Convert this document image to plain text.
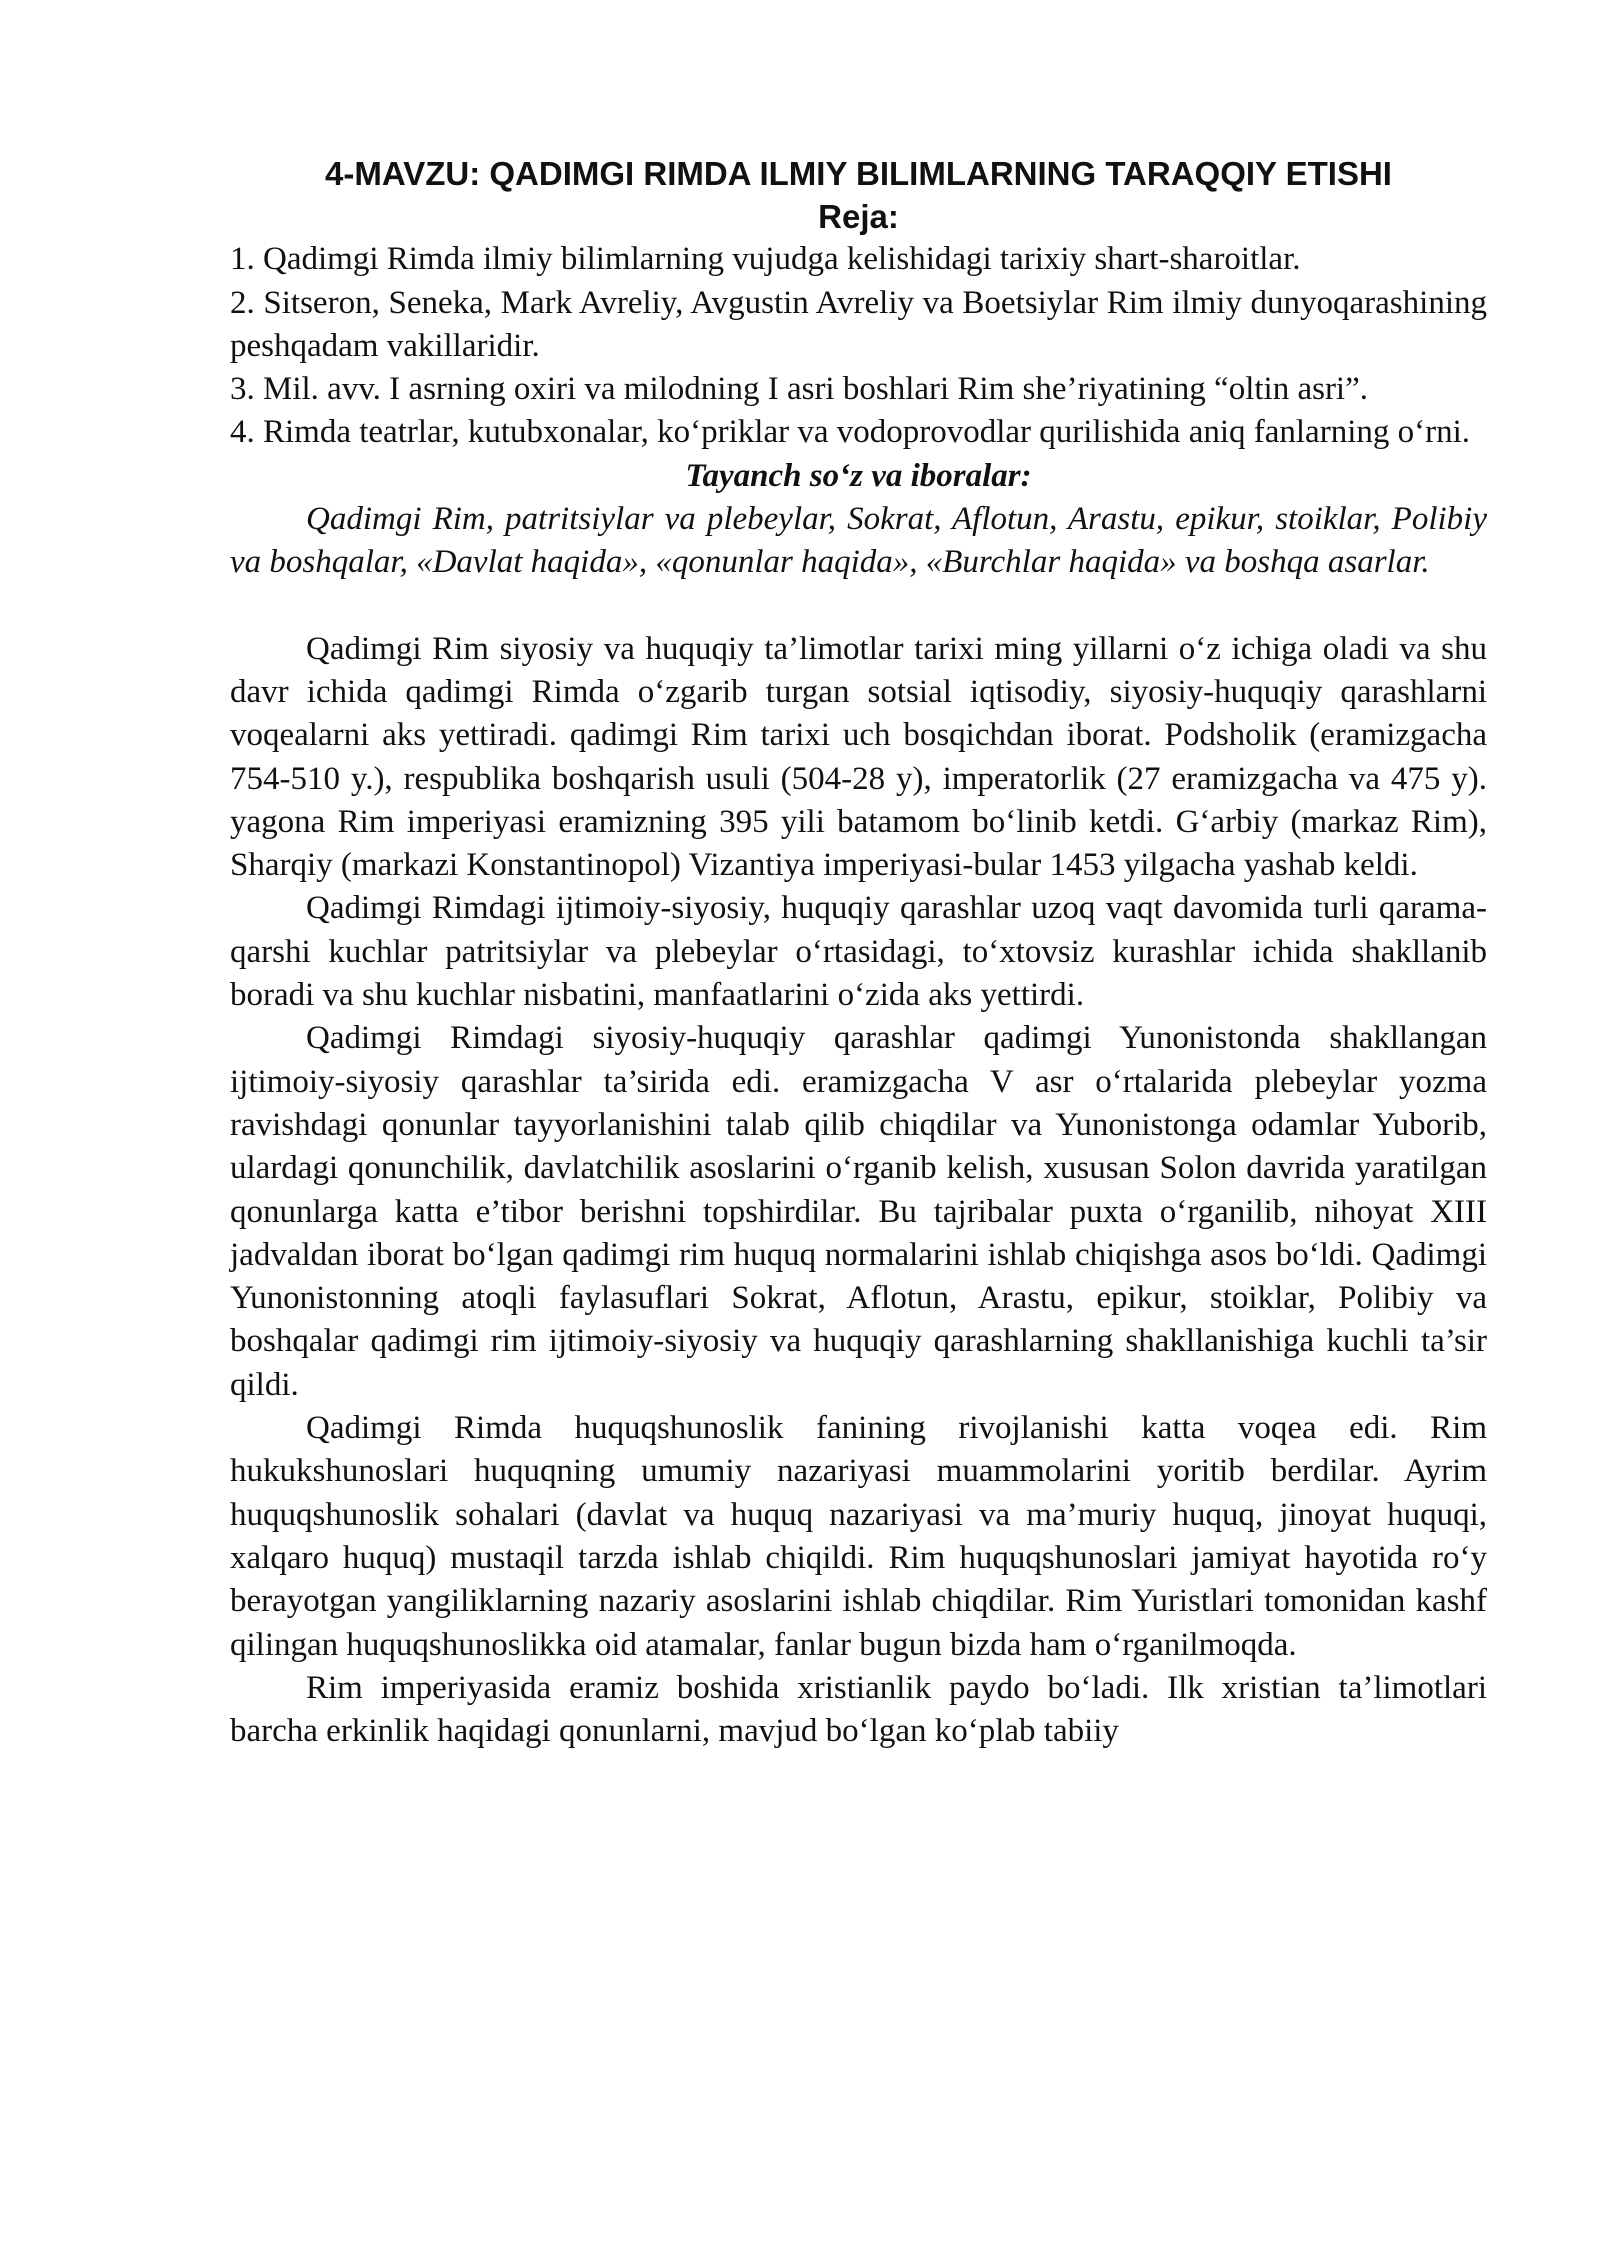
4-MAVZU: QADIMGI RIMDA ILMIY BILIMLARNING TARAQQIY ETISHI
Reja:
1. Qadimgi Rimda ilmiy bilimlarning vujudga kelishidagi tarixiy shart-sharoitlar.
2. Sitseron, Seneka, Mark Avreliy, Avgustin Avreliy va Boetsiylar Rim ilmiy dunyoqarashining peshqadam vakillaridir.
3. Mil. avv. I asrning oxiri va milodning I asri boshlari Rim she’riyatining “oltin asri”.
4. Rimda teatrlar, kutubxonalar, ko‘priklar va vodoprovodlar qurilishida aniq fanlarning o‘rni.
Tayanch so‘z va iboralar:
Qadimgi Rim, patritsiylar va plebeylar, Sokrat, Aflotun, Arastu, epikur, stoiklar, Polibiy va boshqalar, «Davlat haqida», «qonunlar haqida», «Burchlar haqida» va boshqa asarlar.

Qadimgi Rim siyosiy va huquqiy ta’limotlar tarixi ming yillarni o‘z ichiga oladi va shu davr ichida qadimgi Rimda o‘zgarib turgan sotsial iqtisodiy, siyosiy-huquqiy qarashlarni voqealarni aks yettiradi. qadimgi Rim tarixi uch bosqichdan iborat. Podsholik (eramizgacha 754-510 y.), respublika boshqarish usuli (504-28 y), imperatorlik (27 eramizgacha va 475 y). yagona Rim imperiyasi eramizning 395 yili batamom bo‘linib ketdi. G‘arbiy (markaz Rim), Sharqiy (markazi Konstantinopol) Vizantiya imperiyasi-bular 1453 yilgacha yashab keldi.

Qadimgi Rimdagi ijtimoiy-siyosiy, huquqiy qarashlar uzoq vaqt davomida turli qarama-qarshi kuchlar patritsiylar va plebeylar o‘rtasidagi, to‘xtovsiz kurashlar ichida shakllanib boradi va shu kuchlar nisbatini, manfaatlarini o‘zida aks yettirdi.

Qadimgi Rimdagi siyosiy-huquqiy qarashlar qadimgi Yunonistonda shakllangan ijtimoiy-siyosiy qarashlar ta’sirida edi. eramizgacha V asr o‘rtalarida plebeylar yozma ravishdagi qonunlar tayyorlanishini talab qilib chiqdilar va Yunonistonga odamlar Yuborib, ulardagi qonunchilik, davlatchilik asoslarini o‘rganib kelish, xususan Solon davrida yaratilgan qonunlarga katta e’tibor berishni topshirdilar. Bu tajribalar puxta o‘rganilib, nihoyat XIII jadvaldan iborat bo‘lgan qadimgi rim huquq normalarini ishlab chiqishga asos bo‘ldi. Qadimgi Yunonistonning atoqli faylasuflari Sokrat, Aflotun, Arastu, epikur, stoiklar, Polibiy va boshqalar qadimgi rim ijtimoiy-siyosiy va huquqiy qarashlarning shakllanishiga kuchli ta’sir qildi.

Qadimgi Rimda huquqshunoslik fanining rivojlanishi katta voqea edi. Rim hukukshunoslari huquqning umumiy nazariyasi muammolarini yoritib berdilar. Ayrim huquqshunoslik sohalari (davlat va huquq nazariyasi va ma’muriy huquq, jinoyat huquqi, xalqaro huquq) mustaqil tarzda ishlab chiqildi. Rim huquqshunoslari jamiyat hayotida ro‘y berayotgan yangiliklarning nazariy asoslarini ishlab chiqdilar. Rim Yuristlari tomonidan kashf qilingan huquqshunoslikka oid atamalar, fanlar bugun bizda ham o‘rganilmoqda.

Rim imperiyasida eramiz boshida xristianlik paydo bo‘ladi. Ilk xristian ta’limotlari barcha erkinlik haqidagi qonunlarni, mavjud bo‘lgan ko‘plab tabiiy
